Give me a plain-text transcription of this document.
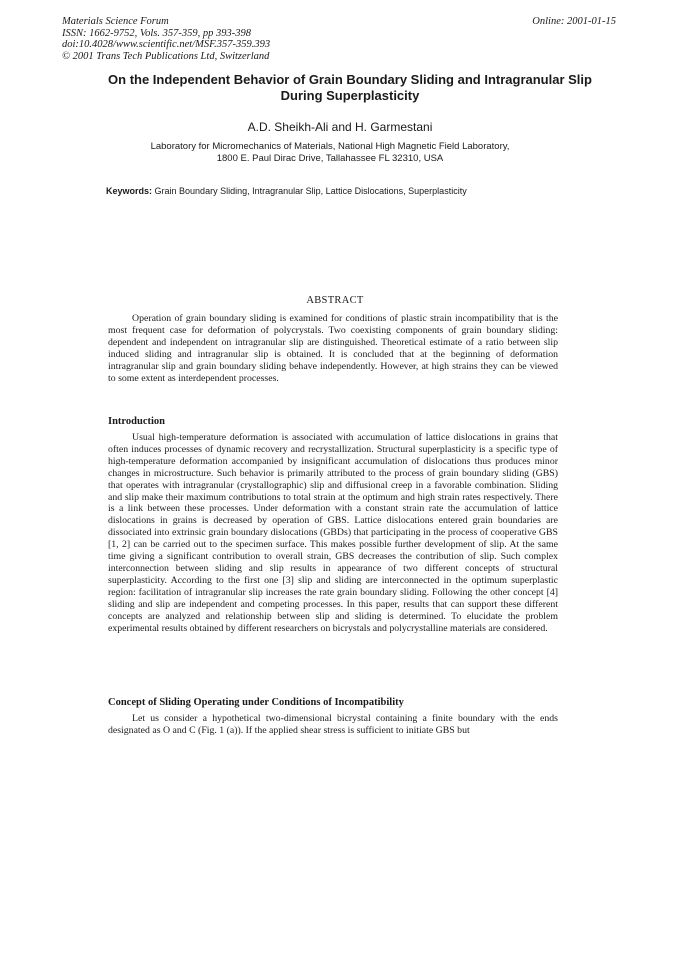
Materials Science Forum
ISSN: 1662-9752, Vols. 357-359, pp 393-398
doi:10.4028/www.scientific.net/MSF.357-359.393
© 2001 Trans Tech Publications Ltd, Switzerland
Online: 2001-01-15
On the Independent Behavior of Grain Boundary Sliding and Intragranular Slip During Superplasticity
A.D. Sheikh-Ali and H. Garmestani
Laboratory for Micromechanics of Materials, National High Magnetic Field Laboratory,
1800 E. Paul Dirac Drive, Tallahassee FL 32310, USA
Keywords: Grain Boundary Sliding, Intragranular Slip, Lattice Dislocations, Superplasticity
ABSTRACT

Operation of grain boundary sliding is examined for conditions of plastic strain incompatibility that is the most frequent case for deformation of polycrystals. Two coexisting components of grain boundary sliding: dependent and independent on intragranular slip are distinguished. Theoretical estimate of a ratio between slip induced sliding and intragranular slip is obtained. It is concluded that at the beginning of deformation intragranular slip and grain boundary sliding behave independently. However, at high strains they can be viewed to some extent as interdependent processes.

Introduction

Usual high-temperature deformation is associated with accumulation of lattice dislocations in grains that often induces processes of dynamic recovery and recrystallization. Structural superplasticity is a specific type of high-temperature deformation accompanied by insignificant accumulation of dislocations thus produces minor changes in microstructure. Such behavior is primarily attributed to the process of grain boundary sliding (GBS) that operates with intragranular (crystallographic) slip and diffusional creep in a favorable combination. Sliding and slip make their maximum contributions to total strain at the optimum and high strain rates respectively. There is a link between these processes. Under deformation with a constant strain rate the accumulation of lattice dislocations in grains is decreased by operation of GBS. Lattice dislocations entered grain boundaries are dissociated into extrinsic grain boundary dislocations (GBDs) that participating in the process of cooperative GBS [1, 2] can be carried out to the specimen surface. This makes possible further development of slip. At the same time giving a significant contribution to overall strain, GBS decreases the contribution of slip. Such complex interconnection between sliding and slip results in appearance of two different concepts of structural superplasticity. According to the first one [3] slip and sliding are interconnected in the optimum superplastic region: facilitation of intragranular slip increases the rate grain boundary sliding. Following the other concept [4] sliding and slip are independent and competing processes. In this paper, results that can support these different concepts are analyzed and relationship between slip and sliding is determined. To elucidate the problem experimental results obtained by different researchers on bicrystals and polycrystalline materials are considered.

Concept of Sliding Operating under Conditions of Incompatibility

Let us consider a hypothetical two-dimensional bicrystal containing a finite boundary with the ends designated as O and C (Fig. 1 (a)). If the applied shear stress is sufficient to initiate GBS but
